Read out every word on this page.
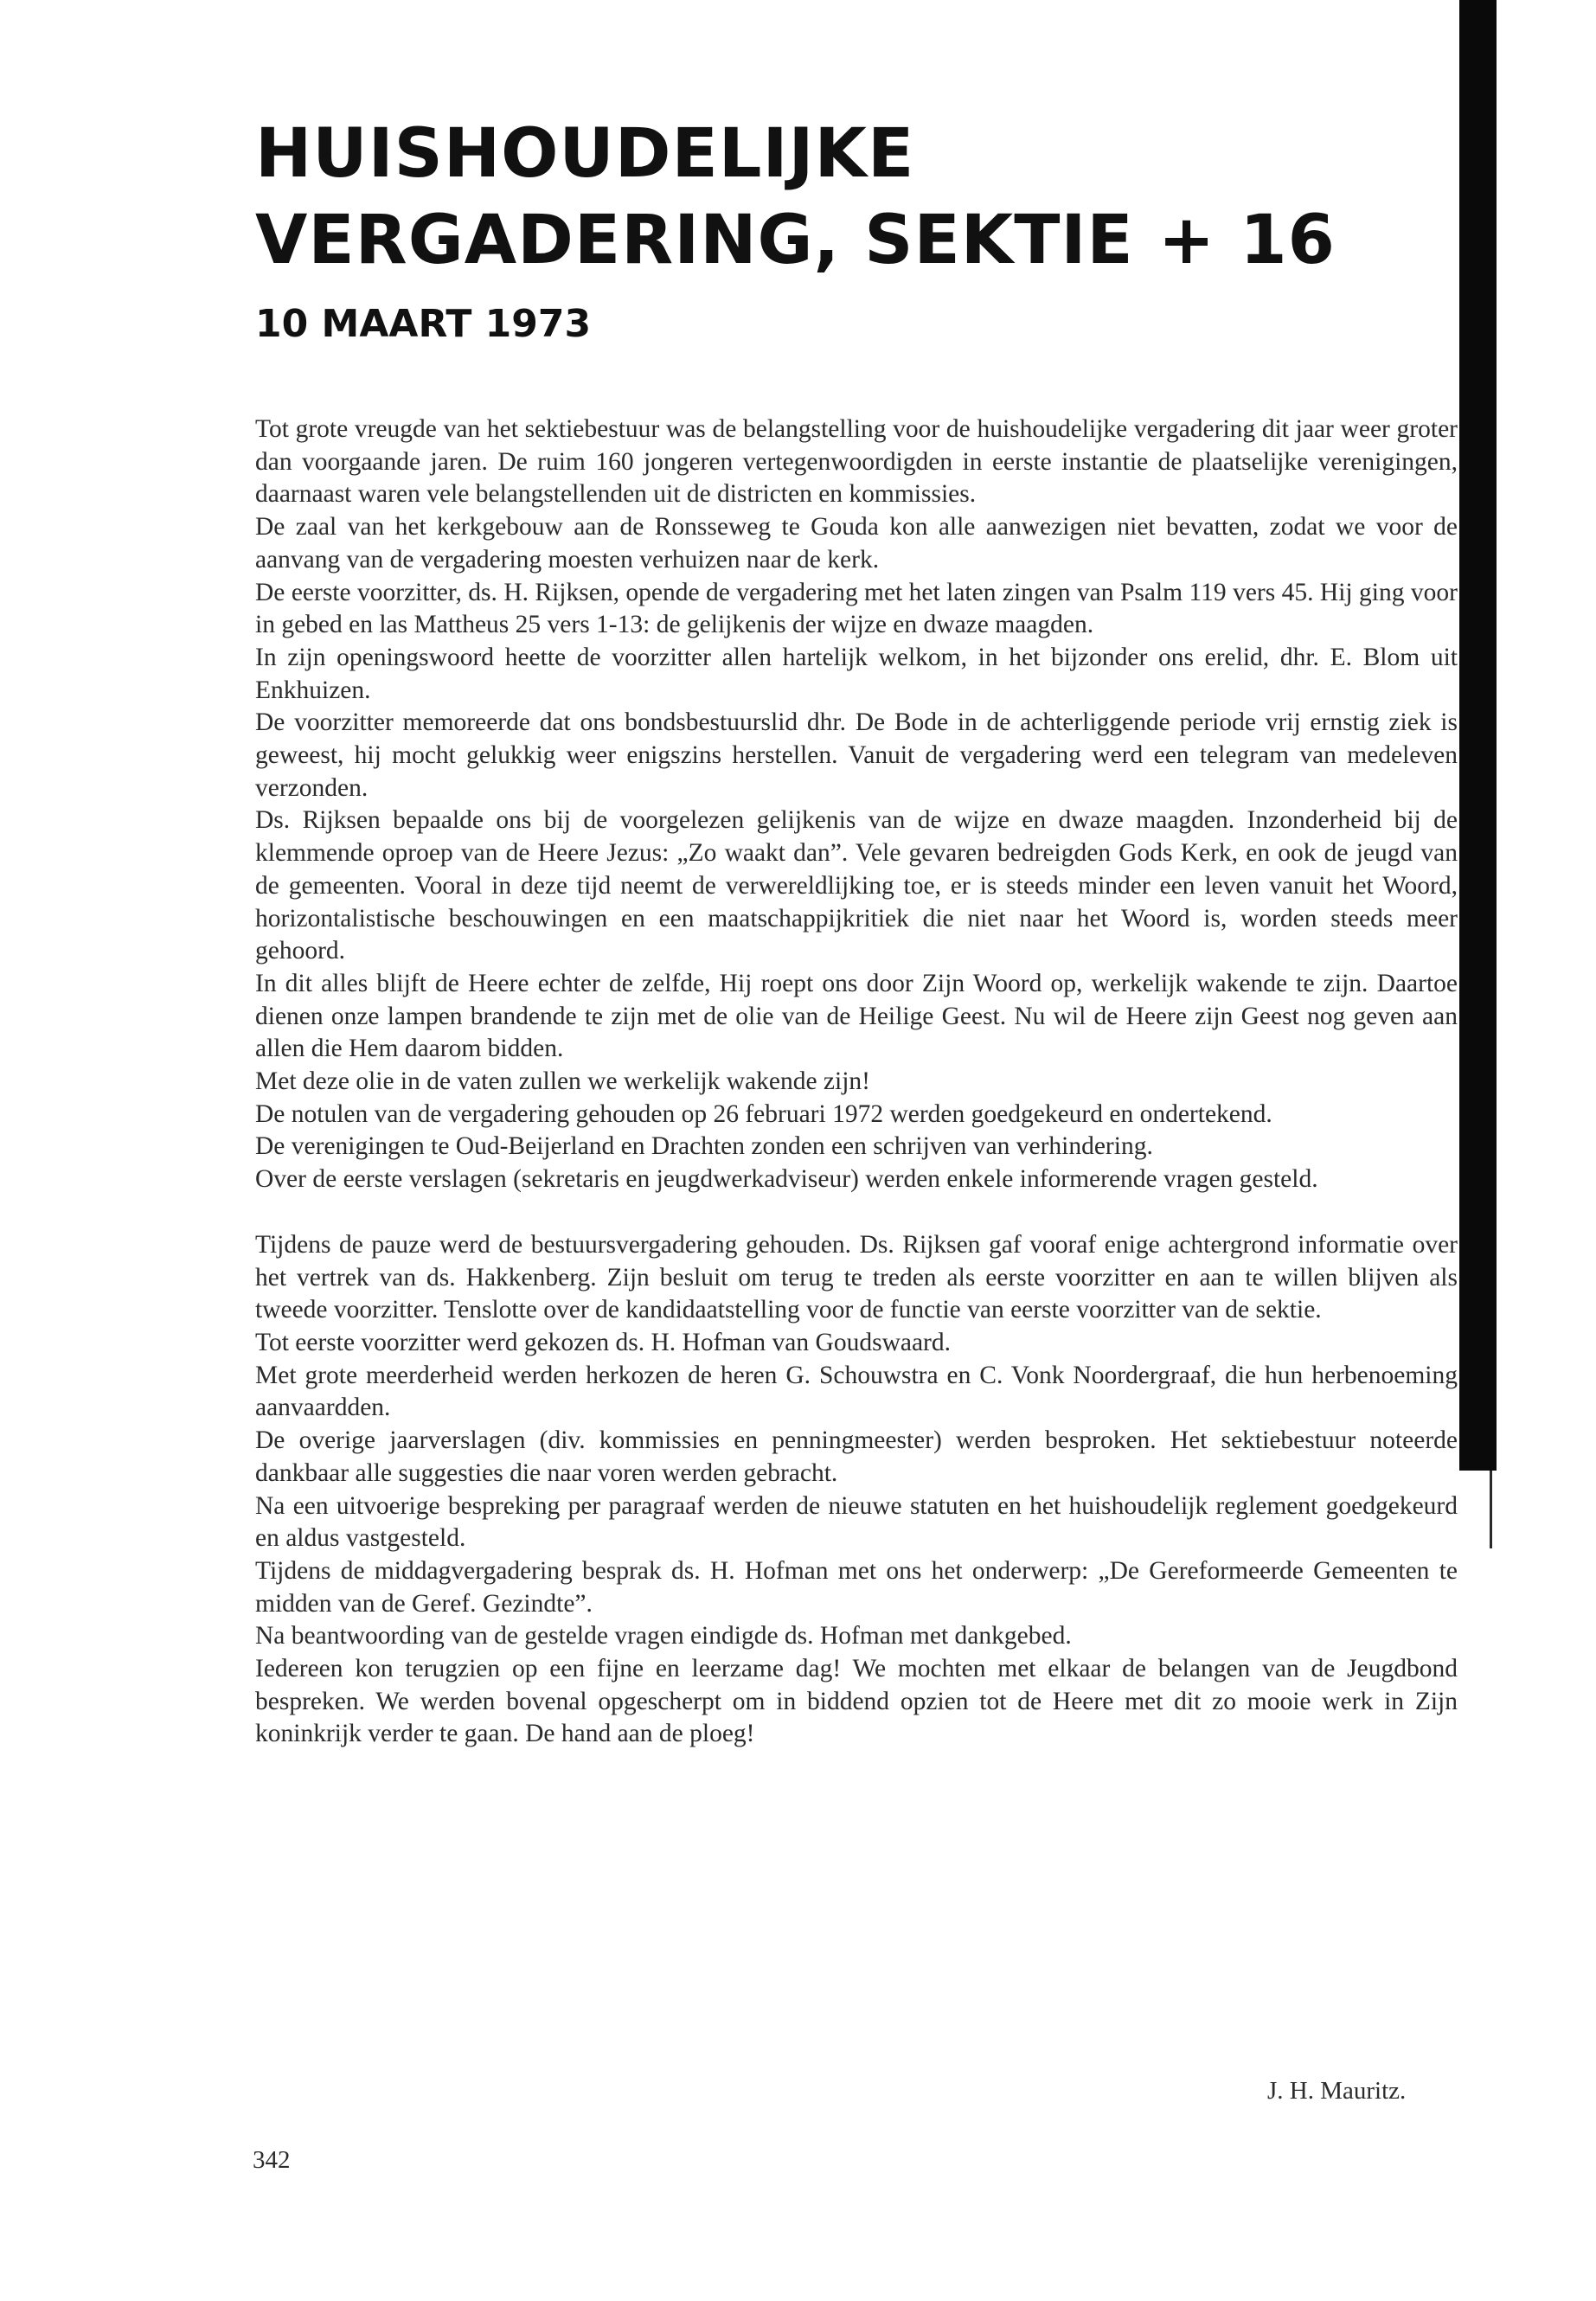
HUISHOUDELIJKE
VERGADERING, SEKTIE + 16
10 MAART 1973

Tot grote vreugde van het sektiebestuur was de belangstelling voor de huishoudelijke vergadering dit jaar weer groter dan voorgaande jaren. De ruim 160 jongeren vertegenwoordigden in eerste instantie de plaatselijke verenigingen, daarnaast waren vele belangstellenden uit de districten en kommissies.

De zaal van het kerkgebouw aan de Ronsseweg te Gouda kon alle aanwezigen niet bevatten, zodat we voor de aanvang van de vergadering moesten verhuizen naar de kerk.

De eerste voorzitter, ds. H. Rijksen, opende de vergadering met het laten zingen van Psalm 119 vers 45. Hij ging voor in gebed en las Mattheus 25 vers 1-13: de gelijkenis der wijze en dwaze maagden.

In zijn openingswoord heette de voorzitter allen hartelijk welkom, in het bijzonder ons erelid, dhr. E. Blom uit Enkhuizen.

De voorzitter memoreerde dat ons bondsbestuurslid dhr. De Bode in de achterliggende periode vrij ernstig ziek is geweest, hij mocht gelukkig weer enigszins herstellen. Vanuit de vergadering werd een telegram van medeleven verzonden.

Ds. Rijksen bepaalde ons bij de voorgelezen gelijkenis van de wijze en dwaze maagden. Inzonderheid bij de klemmende oproep van de Heere Jezus: „Zo waakt dan”. Vele gevaren bedreigden Gods Kerk, en ook de jeugd van de gemeenten. Vooral in deze tijd neemt de verwereldlijking toe, er is steeds minder een leven vanuit het Woord, horizontalistische beschouwingen en een maatschappijkritiek die niet naar het Woord is, worden steeds meer gehoord.

In dit alles blijft de Heere echter de zelfde, Hij roept ons door Zijn Woord op, werkelijk wakende te zijn. Daartoe dienen onze lampen brandende te zijn met de olie van de Heilige Geest. Nu wil de Heere zijn Geest nog geven aan allen die Hem daarom bidden.

Met deze olie in de vaten zullen we werkelijk wakende zijn!

De notulen van de vergadering gehouden op 26 februari 1972 werden goedgekeurd en ondertekend.

De verenigingen te Oud-Beijerland en Drachten zonden een schrijven van verhindering.

Over de eerste verslagen (sekretaris en jeugdwerkadviseur) werden enkele informerende vragen gesteld.

Tijdens de pauze werd de bestuursvergadering gehouden. Ds. Rijksen gaf vooraf enige achtergrond informatie over het vertrek van ds. Hakkenberg. Zijn besluit om terug te treden als eerste voorzitter en aan te willen blijven als tweede voorzitter. Tenslotte over de kandidaatstelling voor de functie van eerste voorzitter van de sektie.

Tot eerste voorzitter werd gekozen ds. H. Hofman van Goudswaard.

Met grote meerderheid werden herkozen de heren G. Schouwstra en C. Vonk Noordergraaf, die hun herbenoeming aanvaardden.

De overige jaarverslagen (div. kommissies en penningmeester) werden besproken. Het sektiebestuur noteerde dankbaar alle suggesties die naar voren werden gebracht.

Na een uitvoerige bespreking per paragraaf werden de nieuwe statuten en het huishoudelijk reglement goedgekeurd en aldus vastgesteld.

Tijdens de middagvergadering besprak ds. H. Hofman met ons het onderwerp: „De Gereformeerde Gemeenten te midden van de Geref. Gezindte”.

Na beantwoording van de gestelde vragen eindigde ds. Hofman met dankgebed.

Iedereen kon terugzien op een fijne en leerzame dag! We mochten met elkaar de belangen van de Jeugdbond bespreken. We werden bovenal opgescherpt om in biddend opzien tot de Heere met dit zo mooie werk in Zijn koninkrijk verder te gaan. De hand aan de ploeg!

J. H. Mauritz.
342
